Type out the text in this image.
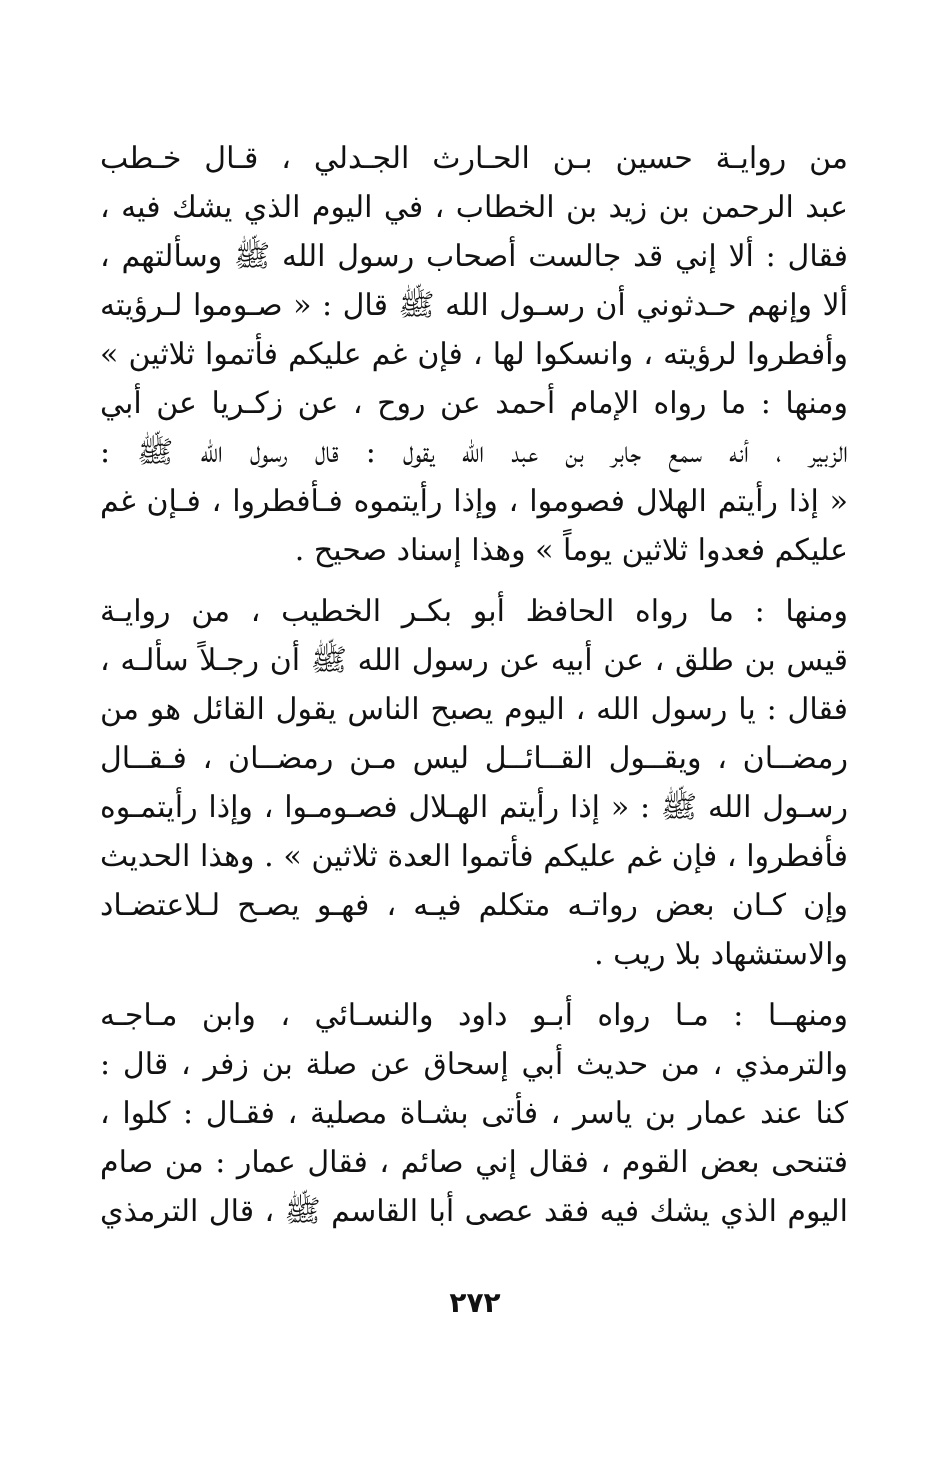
من روايـة حسين بـن الحـارث الجـدلي ، قـال خـطب
عبد الرحمن بن زيد بن الخطاب ، في اليوم الذي يشك فيه ،
فقال : ألا إني قد جالست أصحاب رسول الله ﷺ وسألتهم ،
ألا وإنهم حـدثوني أن رسـول الله ﷺ قال : « صـوموا لـرؤيته
وأفطروا لرؤيته ، وانسكوا لها ، فإن غم عليكم فأتموا ثلاثين »
ومنها : ما رواه الإمام أحمد عن روح ، عن زكـريا عن أبي
الزبير ، أنه سمع جابر بن عبد الله يقول : قال رسول الله ﷺ :
« إذا رأيتم الهلال فصوموا ، وإذا رأيتموه فـأفطروا ، فـإن غم
عليكم فعدوا ثلاثين يوماً » وهذا إسناد صحيح .
ومنها : ما رواه الحافظ أبو بكـر الخطيب ، من روايـة
قيس بن طلق ، عن أبيه عن رسول الله ﷺ أن رجـلاً سألـه ،
فقال : يا رسول الله ، اليوم يصبح الناس يقول القائل هو من
رمضــان ، ويقــول القــائــل ليس مـن رمضــان ، فـقــال
رسـول الله ﷺ : « إذا رأيتم الهـلال فصـومـوا ، وإذا رأيتمـوه
فأفطروا ، فإن غم عليكم فأتموا العدة ثلاثين » . وهذا الحديث
وإن كـان بعض رواتـه متكلم فيـه ، فهـو يصـح لـلاعتضـاد
والاستشهاد بلا ريب .
ومنهــا : مـا رواه أبـو داود والنسـائي ، وابن مـاجـه
والترمذي ، من حديث أبي إسحاق عن صلة بن زفر ، قال :
كنا عند عمار بن ياسر ، فأتى بشـاة مصلية ، فقـال : كلوا ،
فتنحى بعض القوم ، فقال إني صائم ، فقال عمار : من صام
اليوم الذي يشك فيه فقد عصى أبا القاسم ﷺ ، قال الترمذي
٢٧٢
